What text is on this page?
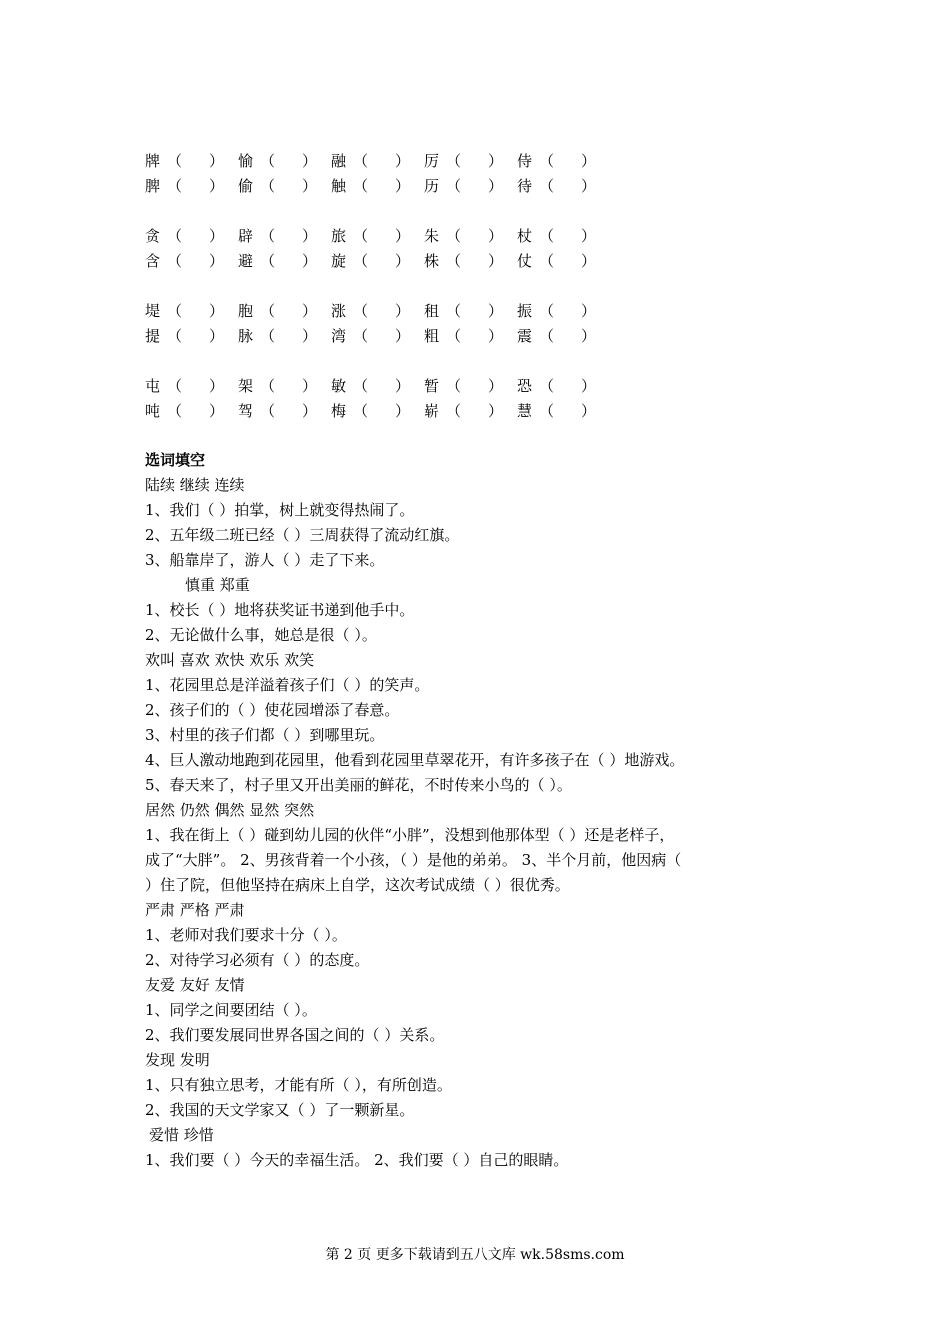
牌 （ ） 愉 （ ） 融 （ ） 厉 （ ） 侍 （ ）
脾 （ ） 偷 （ ） 触 （ ） 历 （ ） 待 （ ）
贪 （ ） 辟 （ ） 旅 （ ） 朱 （ ） 杖 （ ）
含 （ ） 避 （ ） 旋 （ ） 株 （ ） 仗 （ ）
堤 （ ） 胞 （ ） 涨 （ ） 租 （ ） 振 （ ）
提 （ ） 脉 （ ） 湾 （ ） 粗 （ ） 震 （ ）
屯 （ ） 架 （ ） 敏 （ ） 暂 （ ） 恐 （ ）
吨 （ ） 驾 （ ） 梅 （ ） 崭 （ ） 慧 （ ）
选词填空
陆续 继续 连续
1、我们（ ）拍掌，树上就变得热闹了。
2、五年级二班已经（ ）三周获得了流动红旗。
3、船靠岸了，游人（ ）走了下来。
慎重 郑重
1、校长（ ）地将获奖证书递到他手中。
2、无论做什么事，她总是很（ ）。
欢叫 喜欢 欢快 欢乐 欢笑
1、花园里总是洋溢着孩子们（ ）的笑声。
2、孩子们的（ ）使花园增添了春意。
3、村里的孩子们都（ ）到哪里玩。
4、巨人激动地跑到花园里，他看到花园里草翠花开，有许多孩子在（ ）地游戏。
5、春天来了，村子里又开出美丽的鲜花，不时传来小鸟的（ ）。
居然 仍然 偶然 显然 突然
1、我在街上（ ）碰到幼儿园的伙伴“小胖”，没想到他那体型（ ）还是老样子，
成了“大胖”。 2、男孩背着一个小孩，（ ）是他的弟弟。 3、半个月前，他因病（
）住了院，但他坚持在病床上自学，这次考试成绩（ ）很优秀。
严肃 严格 严肃
1、老师对我们要求十分（ ）。
2、对待学习必须有（ ）的态度。
友爱 友好 友情
1、同学之间要团结（ ）。
2、我们要发展同世界各国之间的（ ）关系。
发现 发明
1、只有独立思考，才能有所（ ），有所创造。
2、我国的天文学家又（ ）了一颗新星。
爱惜 珍惜
1、我们要（ ）今天的幸福生活。 2、我们要（ ）自己的眼睛。
第 2 页 更多下载请到五八文库 wk.58sms.com
